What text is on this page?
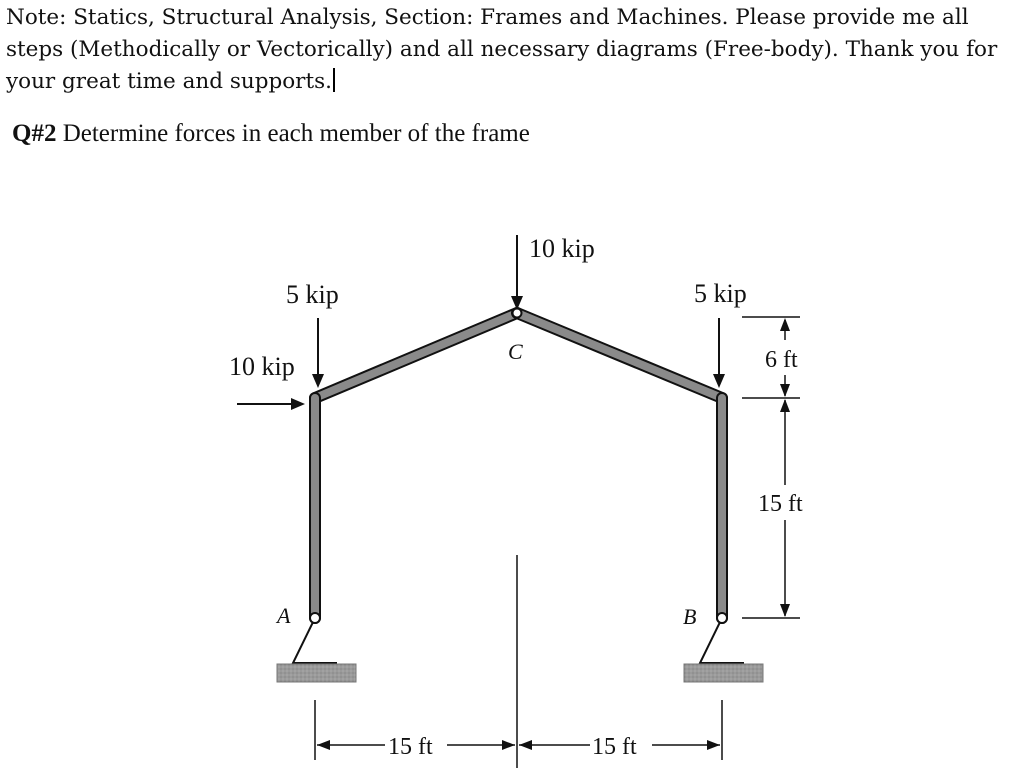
Note: Statics, Structural Analysis, Section: Frames and Machines. Please provide me all steps (Methodically or Vectorically) and all necessary diagrams (Free-body). Thank you for your great time and supports.
Q#2 Determine forces in each member of the frame
10 kip
5 kip
10 kip
5 kip
C
A	B
6 ft
15 ft
15 ft	15 ft
